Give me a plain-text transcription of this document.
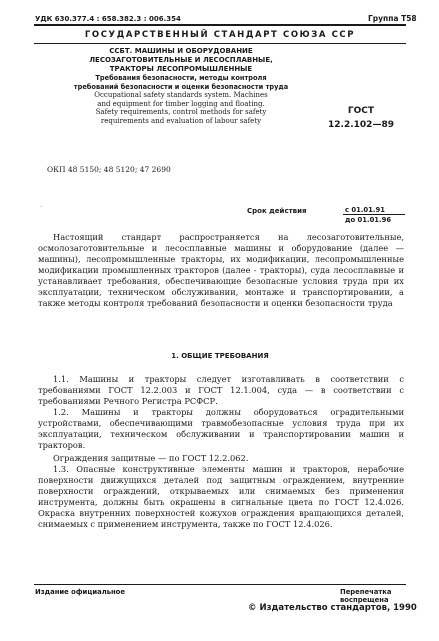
УДК 630.377.4 : 658.382.3 : 006.354	Группа Т58
ГОСУДАРСТВЕННЫЙ СТАНДАРТ СОЮЗА ССР
ССБТ. МАШИНЫ И ОБОРУДОВАНИЕ
ЛЕСОЗАГОТОВИТЕЛЬНЫЕ И ЛЕСОСПЛАВНЫЕ,
ТРАКТОРЫ ЛЕСОПРОМЫШЛЕННЫЕ
Требования безопасности, методы контроля
требований безопасности и оценки безопасности труда
Occupational safety standards system. Machines
and equipment for timber logging and floating.
Safety requirements, control methods for safety
requirements and evaluation of labour safety
ГОСТ
12.2.102—89
ОКП 48 5150; 48 5120; 47 2690
·	Срок действия	с 01.01.91
до 01.01.96
Настоящий стандарт распространяется на лесозаготовительные, осмолозаготовительные и лесосплавные машины и оборудование (далее — машины), лесопромышленные тракторы, их модификации, лесопромышленные модификации промышленных тракторов (далее - тракторы), суда лесосплавные и устанавливает требования, обеспечивающие безопасные условия труда при их эксплуатации, техническом обслуживании, монтаже и транспортировании, а также методы контроля требований безопасности и оценки безопасности труда
1. ОБЩИЕ ТРЕБОВАНИЯ
1.1. Машины и тракторы следует изготавливать в соответствии с требованиями ГОСТ 12.2.003 и ГОСТ 12.1.004, суда — в соответствии с требованиями Речного Регистра РСФСР.
1.2. Машины и тракторы должны оборудоваться оградительными устройствами, обеспечивающими травмобезопасные условия труда при их эксплуатации, техническом обслуживании и транспортировании машин и тракторов.
Ограждения защитные — по ГОСТ 12.2.062.
1.3. Опасные конструктивные элементы машин и тракторов, нерабочие поверхности движущихся деталей под защитным ограждением, внутренние поверхности ограждений, открываемых или снимаемых без применения инструмента, должны быть окрашены в сигнальные цвета по ГОСТ 12.4.026. Окраска внутренних поверхностей кожухов ограждения вращающихся деталей, снимаемых с применением инструмента, также по ГОСТ 12.4.026.
Издание официальное	Перепечатка воспрещена
© Издательство стандартов, 1990
